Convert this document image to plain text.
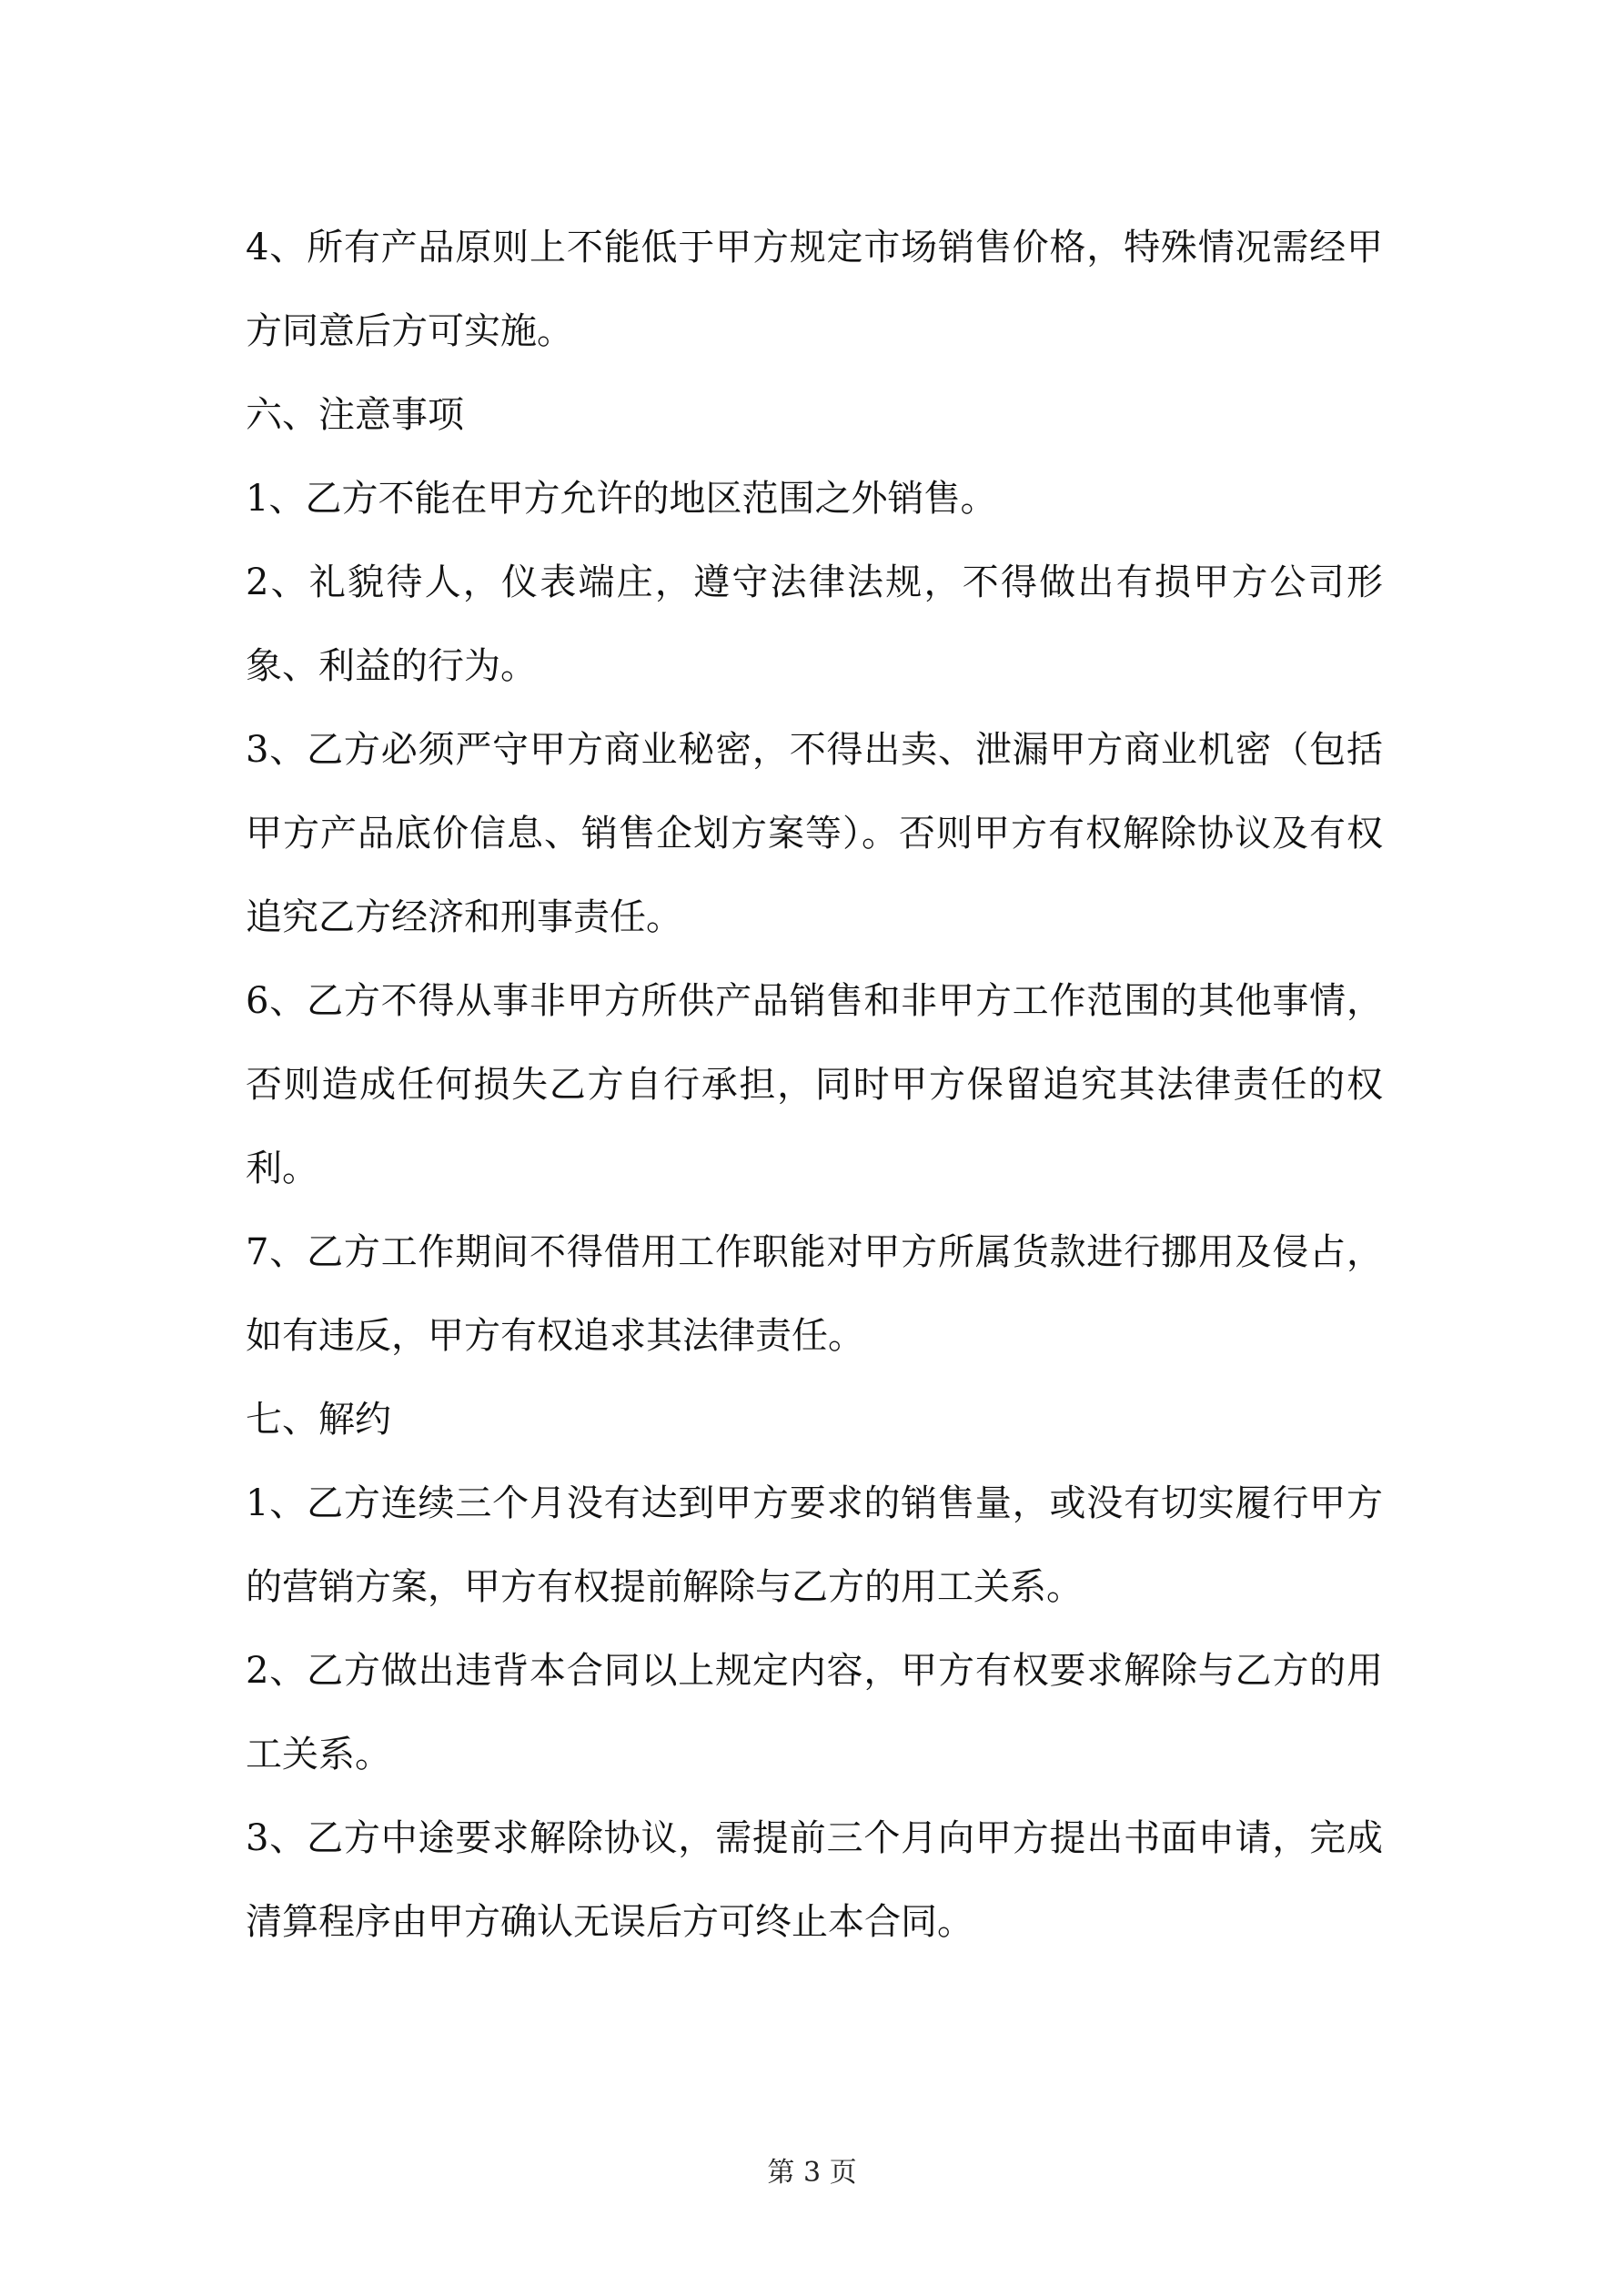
4、所有产品原则上不能低于甲方规定市场销售价格，特殊情况需经甲方同意后方可实施。

六、注意事项

1、乙方不能在甲方允许的地区范围之外销售。

2、礼貌待人，仪表端庄，遵守法律法规，不得做出有损甲方公司形象、利益的行为。

3、乙方必须严守甲方商业秘密，不得出卖、泄漏甲方商业机密（包括甲方产品底价信息、销售企划方案等）。否则甲方有权解除协议及有权追究乙方经济和刑事责任。

6、乙方不得从事非甲方所供产品销售和非甲方工作范围的其他事情，否则造成任何损失乙方自行承担，同时甲方保留追究其法律责任的权利。

7、乙方工作期间不得借用工作职能对甲方所属货款进行挪用及侵占，如有违反，甲方有权追求其法律责任。

七、解约

1、乙方连续三个月没有达到甲方要求的销售量，或没有切实履行甲方的营销方案，甲方有权提前解除与乙方的用工关系。

2、乙方做出违背本合同以上规定内容，甲方有权要求解除与乙方的用工关系。

3、乙方中途要求解除协议，需提前三个月向甲方提出书面申请，完成清算程序由甲方确认无误后方可终止本合同。

第 3 页
